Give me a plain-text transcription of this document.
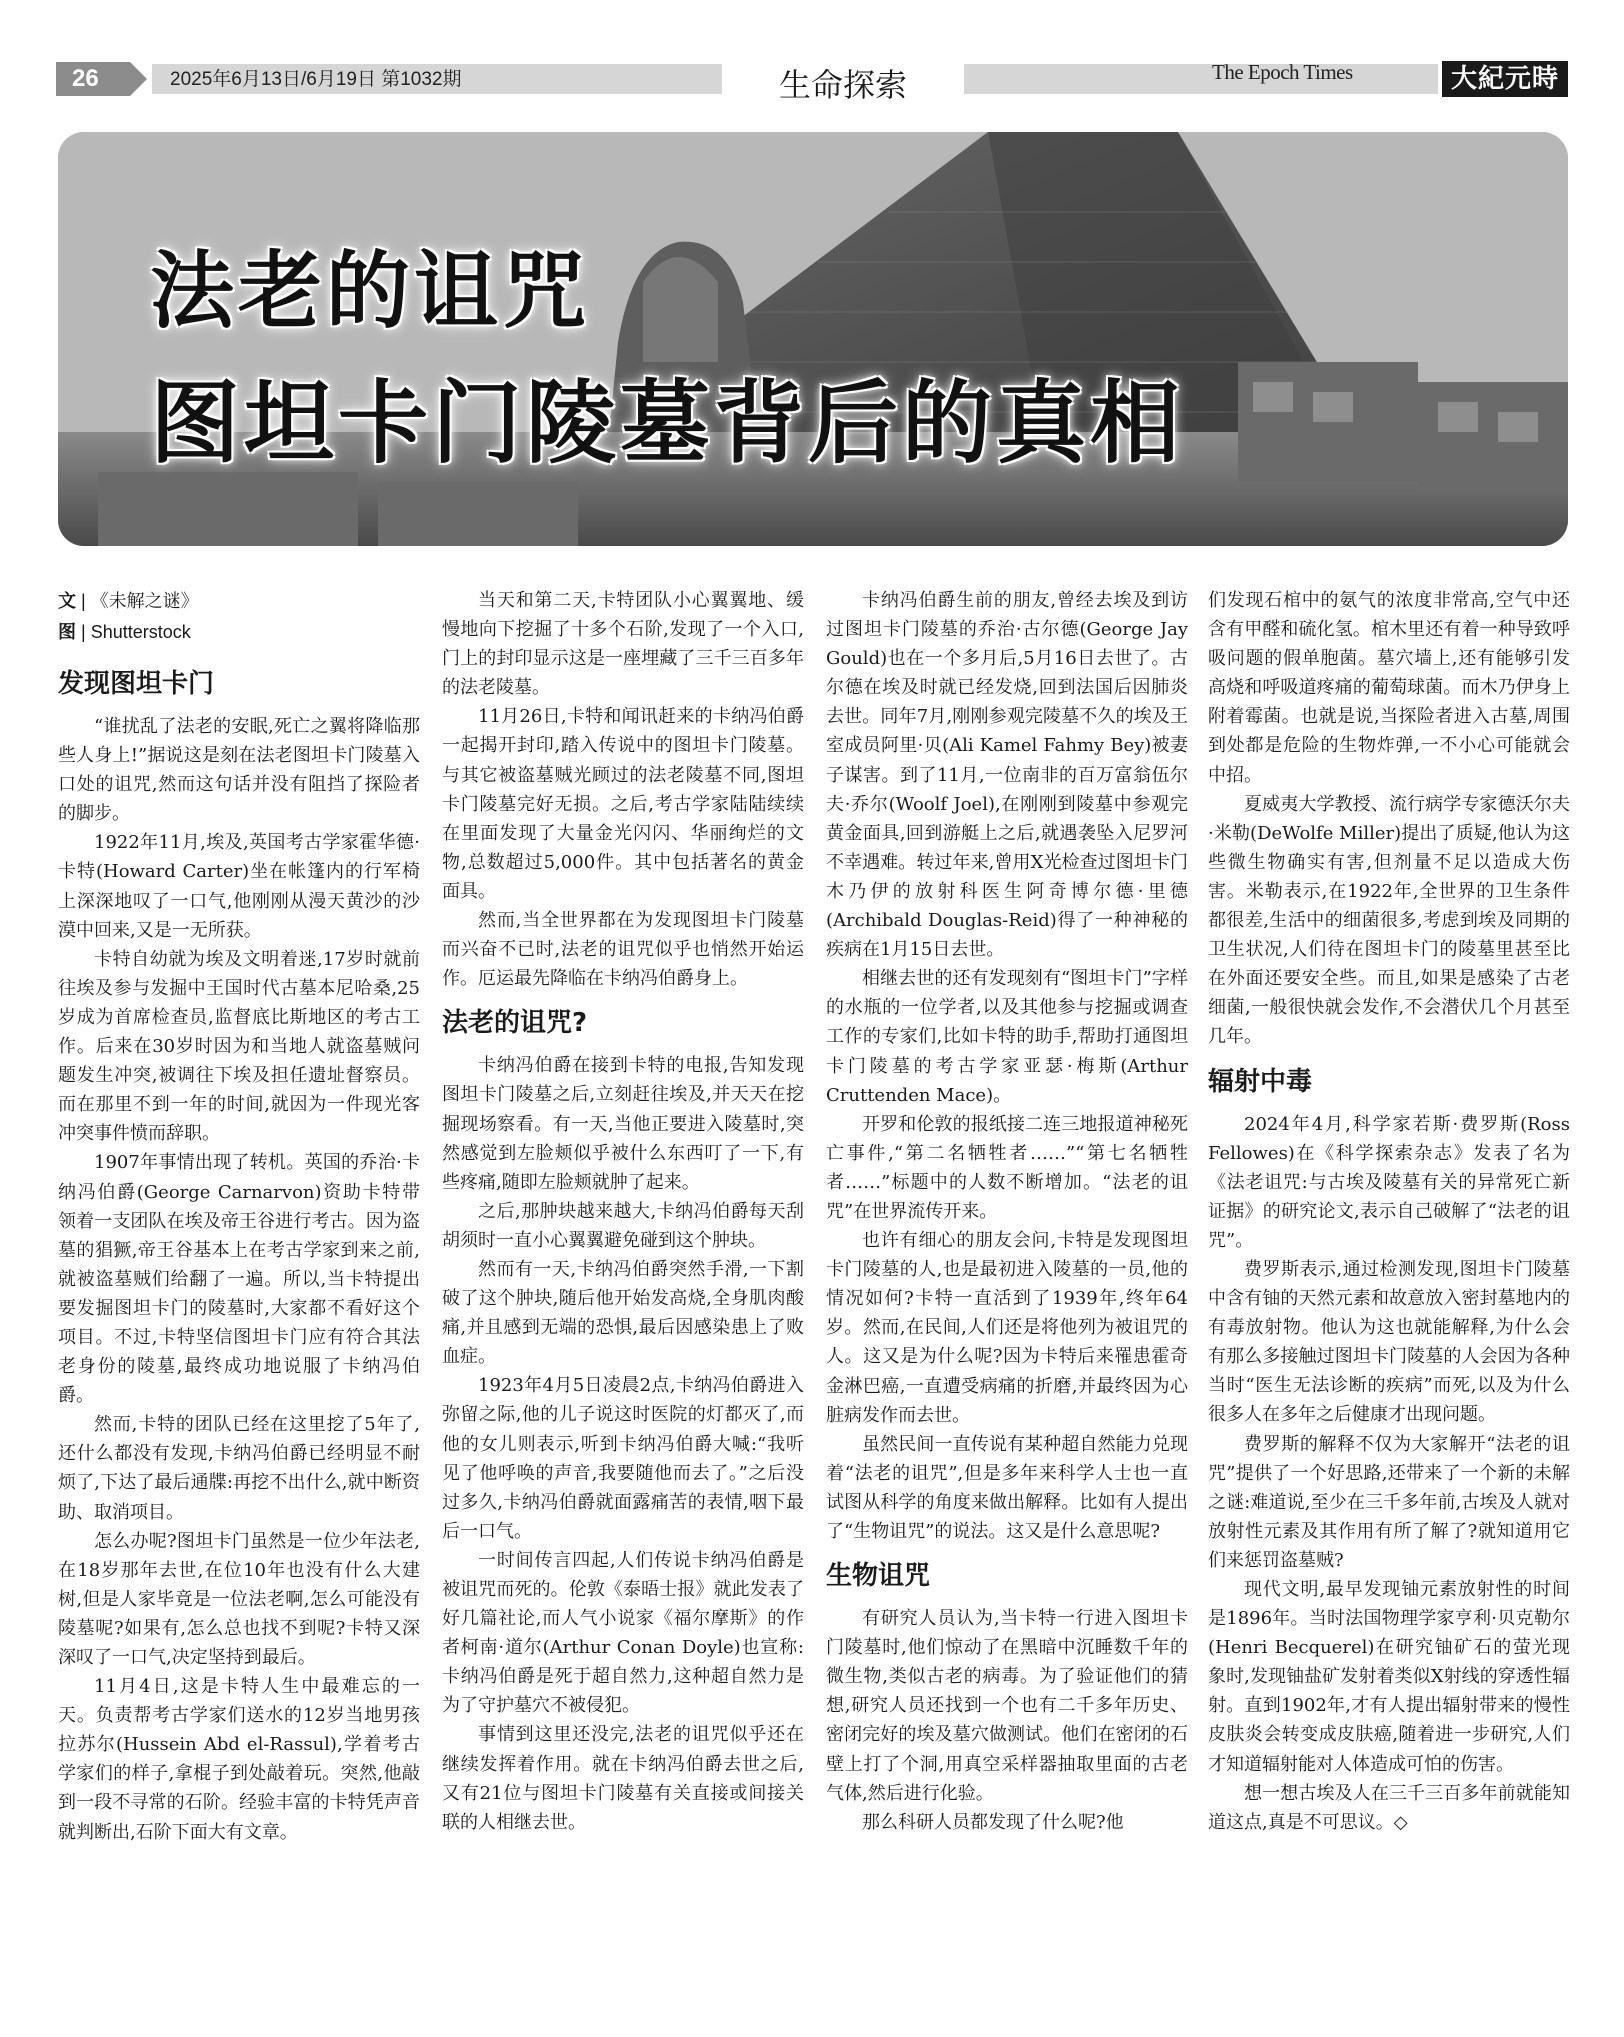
26	2025年6月13日/6月19日 第1032期	生命探索	The Epoch Times	大紀元時報
法老的诅咒
图坦卡门陵墓背后的真相
文 | 《未解之谜》
图 | Shutterstock
发现图坦卡门

“谁扰乱了法老的安眠,死亡之翼将降临那些人身上!”据说这是刻在法老图坦卡门陵墓入口处的诅咒,然而这句话并没有阻挡了探险者的脚步。

1922年11月,埃及,英国考古学家霍华德·卡特(Howard Carter)坐在帐篷内的行军椅上深深地叹了一口气,他刚刚从漫天黄沙的沙漠中回来,又是一无所获。

卡特自幼就为埃及文明着迷,17岁时就前往埃及参与发掘中王国时代古墓本尼哈桑,25岁成为首席检查员,监督底比斯地区的考古工作。后来在30岁时因为和当地人就盗墓贼问题发生冲突,被调往下埃及担任遗址督察员。而在那里不到一年的时间,就因为一件现光客冲突事件愤而辞职。

1907年事情出现了转机。英国的乔治·卡纳冯伯爵(George Carnarvon)资助卡特带领着一支团队在埃及帝王谷进行考古。因为盗墓的猖獗,帝王谷基本上在考古学家到来之前,就被盗墓贼们给翻了一遍。所以,当卡特提出要发掘图坦卡门的陵墓时,大家都不看好这个项目。不过,卡特坚信图坦卡门应有符合其法老身份的陵墓,最终成功地说服了卡纳冯伯爵。

然而,卡特的团队已经在这里挖了5年了,还什么都没有发现,卡纳冯伯爵已经明显不耐烦了,下达了最后通牒:再挖不出什么,就中断资助、取消项目。

怎么办呢?图坦卡门虽然是一位少年法老,在18岁那年去世,在位10年也没有什么大建树,但是人家毕竟是一位法老啊,怎么可能没有陵墓呢?如果有,怎么总也找不到呢?卡特又深深叹了一口气,决定坚持到最后。

11月4日,这是卡特人生中最难忘的一天。负责帮考古学家们送水的12岁当地男孩拉苏尔(Hussein Abd el-Rassul),学着考古学家们的样子,拿棍子到处敲着玩。突然,他敲到一段不寻常的石阶。经验丰富的卡特凭声音就判断出,石阶下面大有文章。

当天和第二天,卡特团队小心翼翼地、缓慢地向下挖掘了十多个石阶,发现了一个入口,门上的封印显示这是一座埋藏了三千三百多年的法老陵墓。

11月26日,卡特和闻讯赶来的卡纳冯伯爵一起揭开封印,踏入传说中的图坦卡门陵墓。与其它被盗墓贼光顾过的法老陵墓不同,图坦卡门陵墓完好无损。之后,考古学家陆陆续续在里面发现了大量金光闪闪、华丽绚烂的文物,总数超过5,000件。其中包括著名的黄金面具。

然而,当全世界都在为发现图坦卡门陵墓而兴奋不已时,法老的诅咒似乎也悄然开始运作。厄运最先降临在卡纳冯伯爵身上。

法老的诅咒?

卡纳冯伯爵在接到卡特的电报,告知发现图坦卡门陵墓之后,立刻赶往埃及,并天天在挖掘现场察看。有一天,当他正要进入陵墓时,突然感觉到左脸颊似乎被什么东西叮了一下,有些疼痛,随即左脸颊就肿了起来。

之后,那肿块越来越大,卡纳冯伯爵每天刮胡须时一直小心翼翼避免碰到这个肿块。

然而有一天,卡纳冯伯爵突然手滑,一下割破了这个肿块,随后他开始发高烧,全身肌肉酸痛,并且感到无端的恐惧,最后因感染患上了败血症。

1923年4月5日凌晨2点,卡纳冯伯爵进入弥留之际,他的儿子说这时医院的灯都灭了,而他的女儿则表示,听到卡纳冯伯爵大喊:“我听见了他呼唤的声音,我要随他而去了。”之后没过多久,卡纳冯伯爵就面露痛苦的表情,咽下最后一口气。

一时间传言四起,人们传说卡纳冯伯爵是被诅咒而死的。伦敦《泰晤士报》就此发表了好几篇社论,而人气小说家《福尔摩斯》的作者柯南·道尔(Arthur Conan Doyle)也宣称:卡纳冯伯爵是死于超自然力,这种超自然力是为了守护墓穴不被侵犯。

事情到这里还没完,法老的诅咒似乎还在继续发挥着作用。就在卡纳冯伯爵去世之后,又有21位与图坦卡门陵墓有关直接或间接关联的人相继去世。

卡纳冯伯爵生前的朋友,曾经去埃及到访过图坦卡门陵墓的乔治·古尔德(George Jay Gould)也在一个多月后,5月16日去世了。古尔德在埃及时就已经发烧,回到法国后因肺炎去世。同年7月,刚刚参观完陵墓不久的埃及王室成员阿里·贝(Ali Kamel Fahmy Bey)被妻子谋害。到了11月,一位南非的百万富翁伍尔夫·乔尔(Woolf Joel),在刚刚到陵墓中参观完黄金面具,回到游艇上之后,就遇袭坠入尼罗河不幸遇难。转过年来,曾用X光检查过图坦卡门木乃伊的放射科医生阿奇博尔德·里德(Archibald Douglas-Reid)得了一种神秘的疾病在1月15日去世。

相继去世的还有发现刻有“图坦卡门”字样的水瓶的一位学者,以及其他参与挖掘或调查工作的专家们,比如卡特的助手,帮助打通图坦卡门陵墓的考古学家亚瑟·梅斯(Arthur Cruttenden Mace)。

开罗和伦敦的报纸接二连三地报道神秘死亡事件,“第二名牺牲者……”“第七名牺牲者……”标题中的人数不断增加。“法老的诅咒”在世界流传开来。

也许有细心的朋友会问,卡特是发现图坦卡门陵墓的人,也是最初进入陵墓的一员,他的情况如何?卡特一直活到了1939年,终年64岁。然而,在民间,人们还是将他列为被诅咒的人。这又是为什么呢?因为卡特后来罹患霍奇金淋巴癌,一直遭受病痛的折磨,并最终因为心脏病发作而去世。

虽然民间一直传说有某种超自然能力兑现着“法老的诅咒”,但是多年来科学人士也一直试图从科学的角度来做出解释。比如有人提出了“生物诅咒”的说法。这又是什么意思呢?

生物诅咒

有研究人员认为,当卡特一行进入图坦卡门陵墓时,他们惊动了在黑暗中沉睡数千年的微生物,类似古老的病毒。为了验证他们的猜想,研究人员还找到一个也有二千多年历史、密闭完好的埃及墓穴做测试。他们在密闭的石壁上打了个洞,用真空采样器抽取里面的古老气体,然后进行化验。

那么科研人员都发现了什么呢?他

们发现石棺中的氨气的浓度非常高,空气中还含有甲醛和硫化氢。棺木里还有着一种导致呼吸问题的假单胞菌。墓穴墙上,还有能够引发高烧和呼吸道疼痛的葡萄球菌。而木乃伊身上附着霉菌。也就是说,当探险者进入古墓,周围到处都是危险的生物炸弹,一不小心可能就会中招。

夏威夷大学教授、流行病学专家德沃尔夫·米勒(DeWolfe Miller)提出了质疑,他认为这些微生物确实有害,但剂量不足以造成大伤害。米勒表示,在1922年,全世界的卫生条件都很差,生活中的细菌很多,考虑到埃及同期的卫生状况,人们待在图坦卡门的陵墓里甚至比在外面还要安全些。而且,如果是感染了古老细菌,一般很快就会发作,不会潜伏几个月甚至几年。

辐射中毒

2024年4月,科学家若斯·费罗斯(Ross Fellowes)在《科学探索杂志》发表了名为《法老诅咒:与古埃及陵墓有关的异常死亡新证据》的研究论文,表示自己破解了“法老的诅咒”。

费罗斯表示,通过检测发现,图坦卡门陵墓中含有铀的天然元素和故意放入密封墓地内的有毒放射物。他认为这也就能解释,为什么会有那么多接触过图坦卡门陵墓的人会因为各种当时“医生无法诊断的疾病”而死,以及为什么很多人在多年之后健康才出现问题。

费罗斯的解释不仅为大家解开“法老的诅咒”提供了一个好思路,还带来了一个新的未解之谜:难道说,至少在三千多年前,古埃及人就对放射性元素及其作用有所了解了?就知道用它们来惩罚盗墓贼?

现代文明,最早发现铀元素放射性的时间是1896年。当时法国物理学家亨利·贝克勒尔(Henri Becquerel)在研究铀矿石的萤光现象时,发现铀盐矿发射着类似X射线的穿透性辐射。直到1902年,才有人提出辐射带来的慢性皮肤炎会转变成皮肤癌,随着进一步研究,人们才知道辐射能对人体造成可怕的伤害。

想一想古埃及人在三千三百多年前就能知道这点,真是不可思议。◇
